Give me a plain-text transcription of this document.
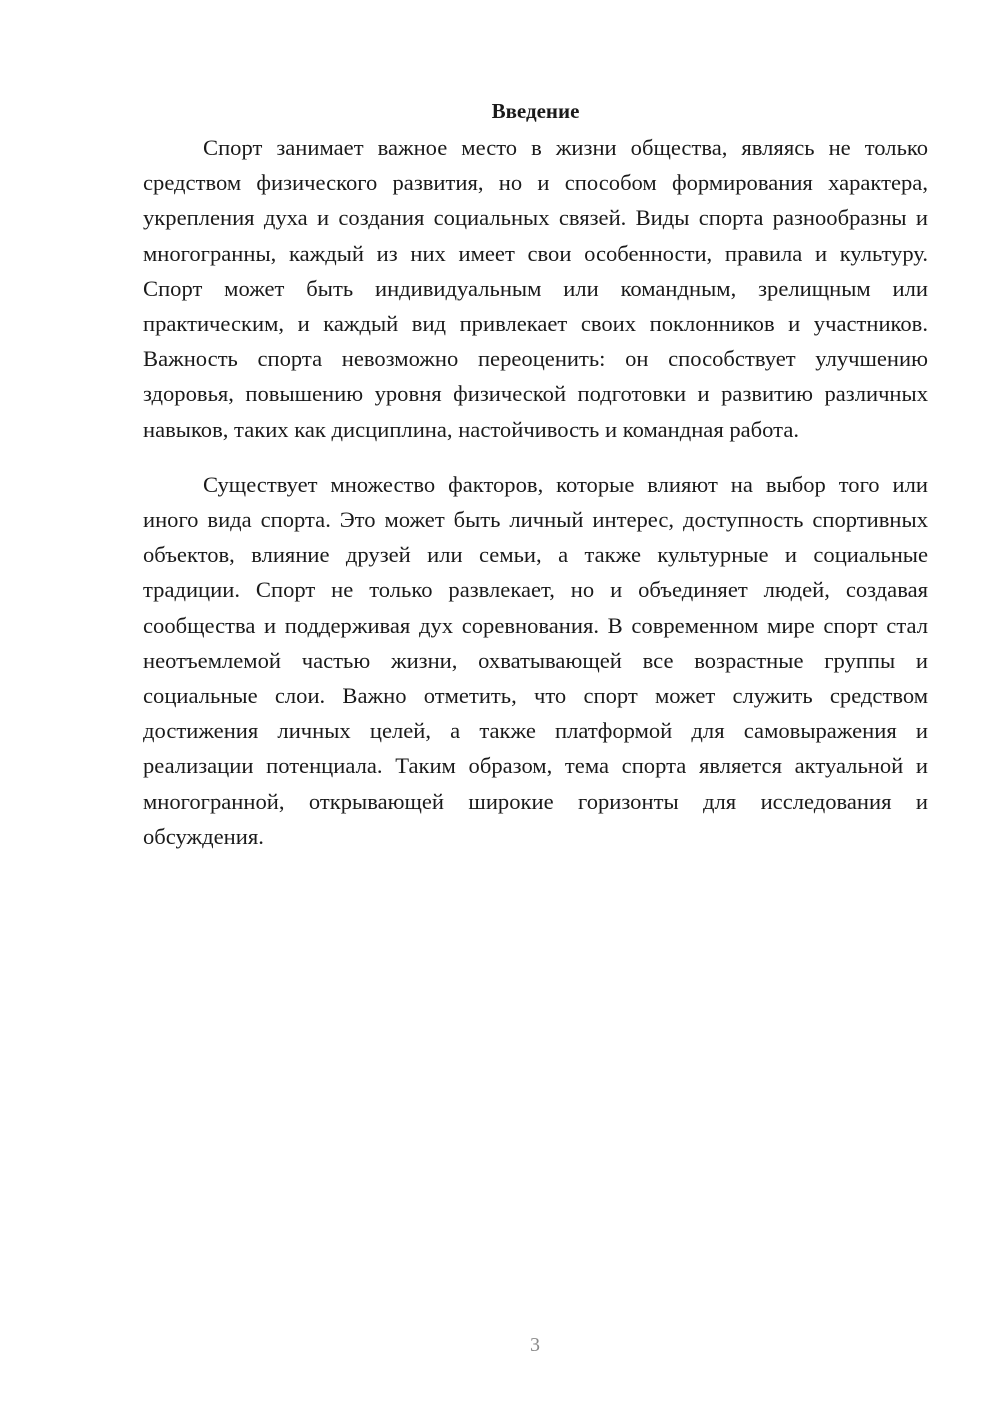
Введение

Спорт занимает важное место в жизни общества, являясь не только средством физического развития, но и способом формирования характера, укрепления духа и создания социальных связей. Виды спорта разнообразны и многогранны, каждый из них имеет свои особенности, правила и культуру. Спорт может быть индивидуальным или командным, зрелищным или практическим, и каждый вид привлекает своих поклонников и участников. Важность спорта невозможно переоценить: он способствует улучшению здоровья, повышению уровня физической подготовки и развитию различных навыков, таких как дисциплина, настойчивость и командная работа.

Существует множество факторов, которые влияют на выбор того или иного вида спорта. Это может быть личный интерес, доступность спортивных объектов, влияние друзей или семьи, а также культурные и социальные традиции. Спорт не только развлекает, но и объединяет людей, создавая сообщества и поддерживая дух соревнования. В современном мире спорт стал неотъемлемой частью жизни, охватывающей все возрастные группы и социальные слои. Важно отметить, что спорт может служить средством достижения личных целей, а также платформой для самовыражения и реализации потенциала. Таким образом, тема спорта является актуальной и многогранной, открывающей широкие горизонты для исследования и обсуждения.

3
